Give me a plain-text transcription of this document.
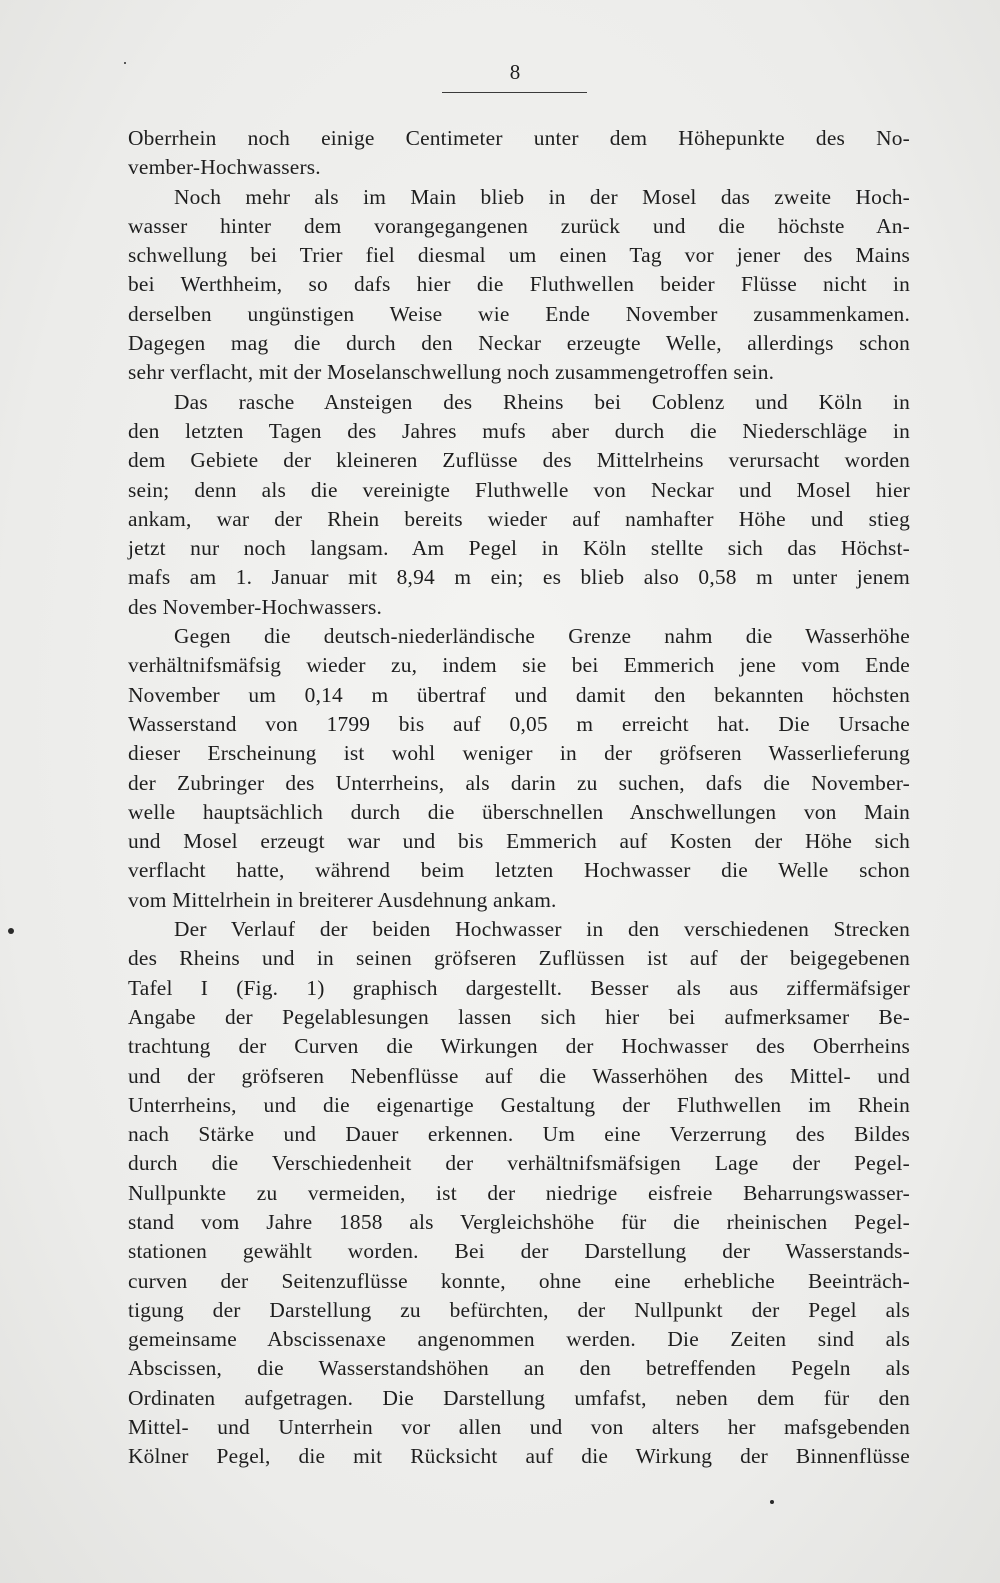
8
Oberrhein noch einige Centimeter unter dem Höhepunkte des No-
vember-Hochwassers.
Noch mehr als im Main blieb in der Mosel das zweite Hoch-
wasser hinter dem vorangegangenen zurück und die höchste An-
schwellung bei Trier fiel diesmal um einen Tag vor jener des Mains
bei Werthheim, so dafs hier die Fluthwellen beider Flüsse nicht in
derselben ungünstigen Weise wie Ende November zusammenkamen.
Dagegen mag die durch den Neckar erzeugte Welle, allerdings schon
sehr verflacht, mit der Moselanschwellung noch zusammengetroffen sein.
Das rasche Ansteigen des Rheins bei Coblenz und Köln in
den letzten Tagen des Jahres mufs aber durch die Niederschläge in
dem Gebiete der kleineren Zuflüsse des Mittelrheins verursacht worden
sein; denn als die vereinigte Fluthwelle von Neckar und Mosel hier
ankam, war der Rhein bereits wieder auf namhafter Höhe und stieg
jetzt nur noch langsam. Am Pegel in Köln stellte sich das Höchst-
mafs am 1. Januar mit 8,94 m ein; es blieb also 0,58 m unter jenem
des November-Hochwassers.
Gegen die deutsch-niederländische Grenze nahm die Wasserhöhe
verhältnifsmäfsig wieder zu, indem sie bei Emmerich jene vom Ende
November um 0,14 m übertraf und damit den bekannten höchsten
Wasserstand von 1799 bis auf 0,05 m erreicht hat. Die Ursache
dieser Erscheinung ist wohl weniger in der gröfseren Wasserlieferung
der Zubringer des Unterrheins, als darin zu suchen, dafs die November-
welle hauptsächlich durch die überschnellen Anschwellungen von Main
und Mosel erzeugt war und bis Emmerich auf Kosten der Höhe sich
verflacht hatte, während beim letzten Hochwasser die Welle schon
vom Mittelrhein in breiterer Ausdehnung ankam.
Der Verlauf der beiden Hochwasser in den verschiedenen Strecken
des Rheins und in seinen gröfseren Zuflüssen ist auf der beigegebenen
Tafel I (Fig. 1) graphisch dargestellt. Besser als aus ziffermäfsiger
Angabe der Pegelablesungen lassen sich hier bei aufmerksamer Be-
trachtung der Curven die Wirkungen der Hochwasser des Oberrheins
und der gröfseren Nebenflüsse auf die Wasserhöhen des Mittel- und
Unterrheins, und die eigenartige Gestaltung der Fluthwellen im Rhein
nach Stärke und Dauer erkennen. Um eine Verzerrung des Bildes
durch die Verschiedenheit der verhältnifsmäfsigen Lage der Pegel-
Nullpunkte zu vermeiden, ist der niedrige eisfreie Beharrungswasser-
stand vom Jahre 1858 als Vergleichshöhe für die rheinischen Pegel-
stationen gewählt worden. Bei der Darstellung der Wasserstands-
curven der Seitenzuflüsse konnte, ohne eine erhebliche Beeinträch-
tigung der Darstellung zu befürchten, der Nullpunkt der Pegel als
gemeinsame Abscissenaxe angenommen werden. Die Zeiten sind als
Abscissen, die Wasserstandshöhen an den betreffenden Pegeln als
Ordinaten aufgetragen. Die Darstellung umfafst, neben dem für den
Mittel- und Unterrhein vor allen und von alters her mafsgebenden
Kölner Pegel, die mit Rücksicht auf die Wirkung der Binnenflüsse
